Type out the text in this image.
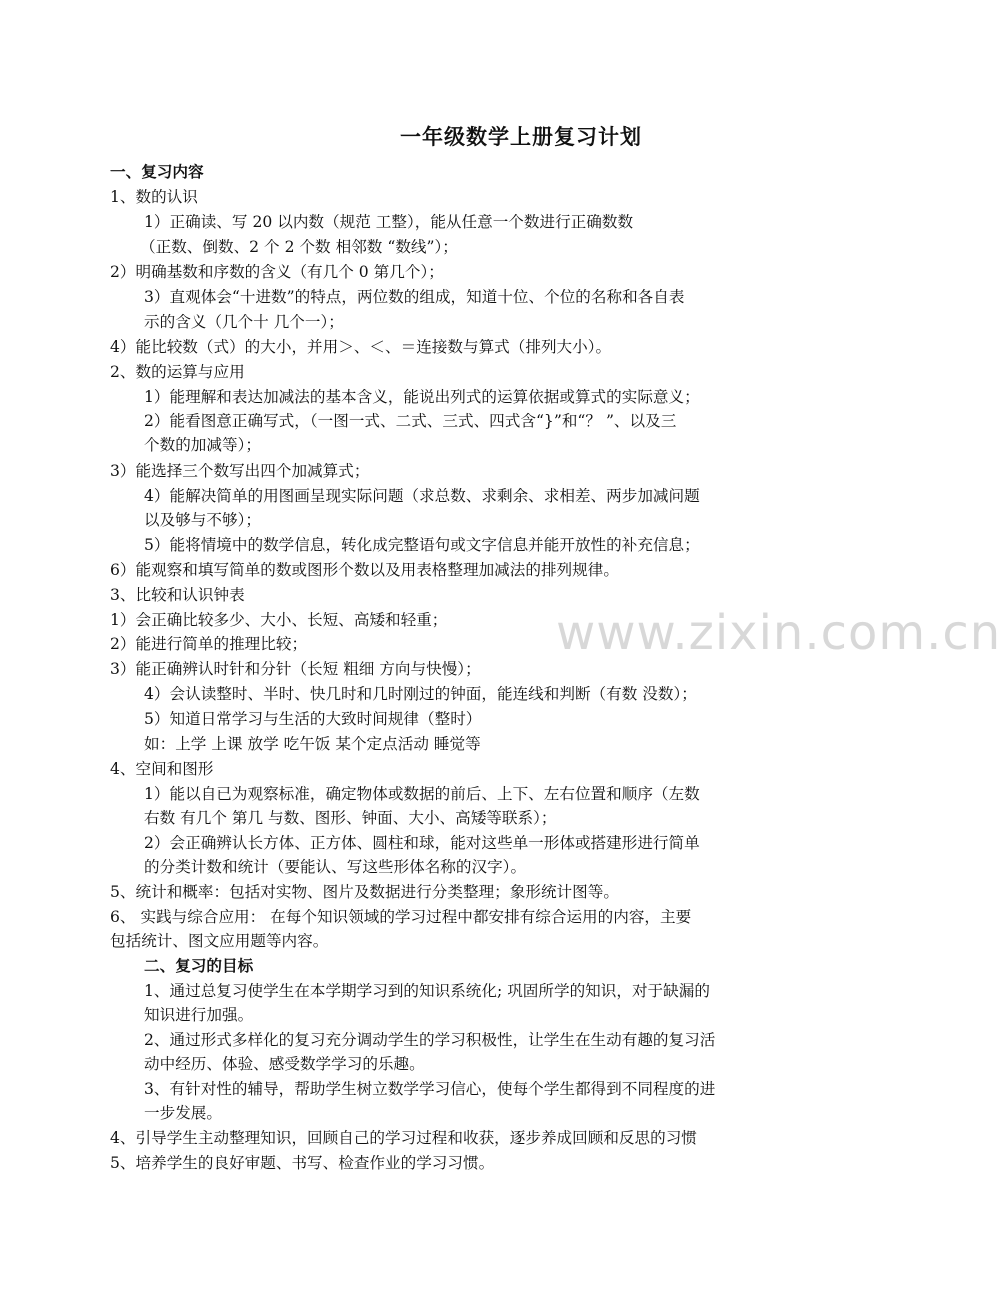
www.zixin.com.cn
一年级数学上册复习计划
一、复习内容
1、数的认识
1）正确读、写 20 以内数（规范 工整），能从任意一个数进行正确数数
（正数、倒数、2 个 2 个数 相邻数 “数线”）；
2）明确基数和序数的含义（有几个 0 第几个）；
3）直观体会“十进数”的特点，两位数的组成，知道十位、个位的名称和各自表
示的含义（几个十 几个一）；
4）能比较数（式）的大小，并用＞、＜、＝连接数与算式（排列大小）。
2、数的运算与应用
1）能理解和表达加减法的基本含义，能说出列式的运算依据或算式的实际意义；
2）能看图意正确写式，（一图一式、二式、三式、四式含“}”和“？ ”、以及三
个数的加减等）；
3）能选择三个数写出四个加减算式；
4）能解决简单的用图画呈现实际问题（求总数、求剩余、求相差、两步加减问题
以及够与不够）；
5）能将情境中的数学信息，转化成完整语句或文字信息并能开放性的补充信息；
6）能观察和填写简单的数或图形个数以及用表格整理加减法的排列规律。
3、比较和认识钟表
1）会正确比较多少、大小、长短、高矮和轻重；
2）能进行简单的推理比较；
3）能正确辨认时针和分针（长短 粗细 方向与快慢）；
4）会认读整时、半时、快几时和几时刚过的钟面，能连线和判断（有数 没数）；
5）知道日常学习与生活的大致时间规律（整时）
如：上学 上课 放学 吃午饭 某个定点活动 睡觉等
4、空间和图形
1）能以自已为观察标准，确定物体或数据的前后、上下、左右位置和顺序（左数
右数 有几个 第几 与数、图形、钟面、大小、高矮等联系）；
2）会正确辨认长方体、正方体、圆柱和球，能对这些单一形体或搭建形进行简单
的分类计数和统计（要能认、写这些形体名称的汉字）。
5、统计和概率：包括对实物、图片及数据进行分类整理；象形统计图等。
6、 实践与综合应用： 在每个知识领域的学习过程中都安排有综合运用的内容，主要
包括统计、图文应用题等内容。
二、复习的目标
1、通过总复习使学生在本学期学习到的知识系统化; 巩固所学的知识，对于缺漏的
知识进行加强。
2、通过形式多样化的复习充分调动学生的学习积极性，让学生在生动有趣的复习活
动中经历、体验、感受数学学习的乐趣。
3、有针对性的辅导，帮助学生树立数学学习信心，使每个学生都得到不同程度的进
一步发展。
4、引导学生主动整理知识，回顾自己的学习过程和收获，逐步养成回顾和反思的习惯
5、培养学生的良好审题、书写、检查作业的学习习惯。
